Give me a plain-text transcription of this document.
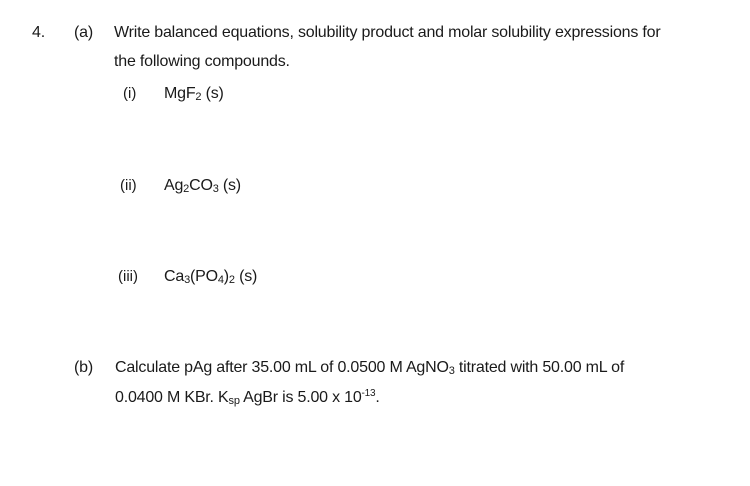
4. (a) Write balanced equations, solubility product and molar solubility expressions for
the following compounds.
(i) MgF2 (s)
(ii) Ag2CO3 (s)
(iii) Ca3(PO4)2 (s)
(b) Calculate pAg after 35.00 mL of 0.0500 M AgNO3 titrated with 50.00 mL of
0.0400 M KBr. Ksp AgBr is 5.00 x $10^{-13}$.
